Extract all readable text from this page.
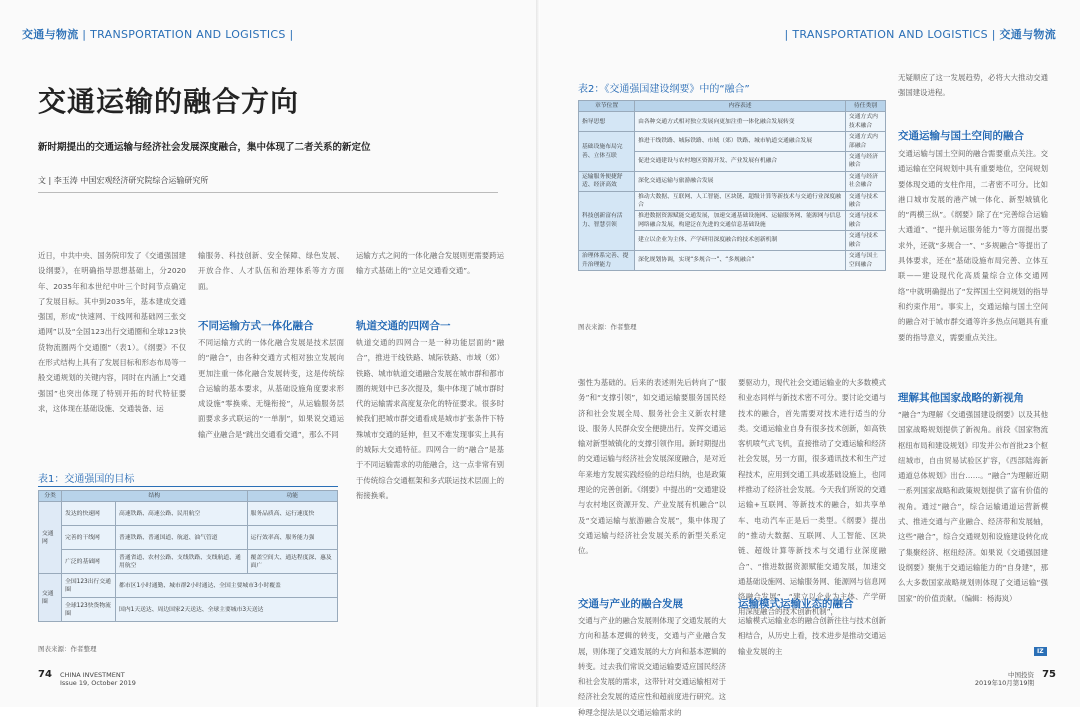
交通与物流 | TRANSPORTATION AND LOGISTICS |
交通运输的融合方向
新时期提出的交通运输与经济社会发展深度融合，集中体现了二者关系的新定位
文 | 李玉涛 中国宏观经济研究院综合运输研究所
近日，中共中央、国务院印发了《交通强国建设纲要》，在明确指导思想基础上，分2020年、2035年和本世纪中叶三个时间节点确定了发展目标。其中到2035年，基本建成交通强国，形成“快速网、干线网和基础网三张交通网”以及“全国123出行交通圈和全球123快货物流圈两个交通圈”（表1）。《纲要》不仅在形式结构上具有了发展目标和形态布局等一般交通规划的关键内容，同时在内涵上“交通强国”也突出体现了特别开拓的时代特征要求，这体现在基础设施、交通装备、运
输服务、科技创新、安全保障、绿色发展、开放合作、人才队伍和治理体系等方方面面。
不同运输方式一体化融合
不同运输方式的一体化融合发展是技术层面的“融合”，由各种交通方式相对独立发展向更加注重一体化融合发展转变，这是传统综合运输的基本要求，从基础设施角度要求形成设施“零换乘、无缝衔接”，从运输服务层面要求多式联运的“一单制”，如果说交通运输产业融合是“跳出交通看交通”，那么不同
运输方式之间的一体化融合发展则更需要跨运输方式基础上的“立足交通看交通”。
轨道交通的四网合一
轨道交通的四网合一是一种功能层面的“融合”，推进干线铁路、城际铁路、市域（郊）铁路、城市轨道交通融合发展在城市群和都市圈的规划中已多次提及，集中体现了城市群时代的运输需求高度复杂化的特征要求。很多时候我们把城市群交通看成是城市扩张条件下特殊城市交通的延伸，但又不难发现事实上具有的城际大交通特征。四网合一的“融合”是基于不同运输需求的功能融合，这一点非常有别于传统综合交通框架和多式联运技术层面上的衔接换乘。
表1：交通强国的目标
分类	结构		功能
交通网	发达的快速网	高速铁路、高速公路、民用航空	服务品质高、运行速度快
	完善的干线网	普速铁路、普通国道、航道、油气管道	运行效率高、服务能力强
	广泛的基础网	普通省道、农村公路、支线铁路、支线航道、通用航空	覆盖空间大、通达程度深、惠及面广
交通圈	全国123出行交通圈	都市区1小时通勤、城市群2小时通达、全国主要城市3小时覆盖	
	全球123快货物流圈	国内1天送达、周边国家2天送达、全球主要城市3天送达	
图表来源：作者整理
74 CHINA INVESTMENT
Issue 19, October 2019
| TRANSPORTATION AND LOGISTICS | 交通与物流
表2：《交通强国建设纲要》中的“融合”
章节位置	内容表述	待任类别
指导思想	由各种交通方式相对独立发展向更加注重一体化融合发展转变	交通方式内技术融合
基础设施布局完善、立体互联	推进干线铁路、城际铁路、市域（郊）铁路、城市轨道交通融合发展	交通方式内部融合
	促进交通建设与农村地区资源开发、产业发展有机融合	交通与经济融合
运输服务便捷舒适、经济高效	深化交通运输与旅游融合发展	交通与经济社会融合
科技创新富有活力、智慧引领	推动大数据、互联网、人工智能、区块链、超级计算等新技术与交通行业深度融合	交通与技术融合
	推进数据资源赋能交通发展，加速交通基础设施网、运输服务网、能源网与信息网络融合发展，构建泛在先进的交通信息基础设施	交通与技术融合
	建立以企业为主体、产学研用深度融合的技术创新机制	交通与技术融合
治理体系完善、提升治理能力	深化规划协调，实现“多规合一”、“多规融合”	交通与国土空间融合
图表来源：作者整理
强性为基础的。后来的表述则先后转向了“服务”和“支撑引领”，如交通运输要服务国民经济和社会发展全局、服务社会主义新农村建设、服务人民群众安全便捷出行。发挥交通运输对新型城镇化的支撑引领作用。新时期提出的交通运输与经济社会发展深度融合，是对近年来地方发展实践经验的总结归纳，也是政策理论的完善创新。《纲要》中提出的“交通建设与农村地区资源开发、产业发展有机融合”以及“交通运输与旅游融合发展”，集中体现了交通运输与经济社会发展关系的新型关系定位。
交通与产业的融合发展
交通与产业的融合发展则体现了交通发展的大方向和基本逻辑的转变，交通与产业融合发展，则体现了交通发展的大方向和基本逻辑的转变。过去我们常说交通运输要适应国民经济和社会发展的需求，这带针对交通运输相对于经济社会发展的适应性和超前度进行研究。这种理念提法是以交通运输需求的
要驱动力，现代社会交通运输业的大多数模式和业态同样与新技术密不可分。要讨论交通与技术的融合，首先需要对技术进行适当的分类。交通运输业自身有很多技术创新，如高铁客机喷气式飞机，直接推动了交通运输和经济社会发展，另一方面，很多通讯技术和生产过程技术，应用到交通工具或基础设施上，也同样推动了经济社会发展。今天我们所说的交通运输+互联网、等新技术的融合，如共享单车、电动汽车正是后一类型。《纲要》提出的“推动大数据、互联网、人工智能、区块链、超级计算等新技术与交通行业深度融合”、“推进数据资源赋能交通发展，加速交通基础设施网、运输服务网、能源网与信息网络融合发展”，“建立以企业为主体、产学研用深度融合的技术创新机制”，
运输模式运输业态的融合
运输模式运输业态的融合创新往往与技术创新相结合，从历史上看，技术进步是推动交通运输业发展的主
无疑顺应了这一发展趋势，必将大大推动交通强国建设进程。
交通运输与国土空间的融合
交通运输与国土空间的融合需要重点关注。交通运输在空间规划中具有重要地位，空间规划要体现交通的支柱作用，二者密不可分。比如港口城市发展的港产城一体化、新型城镇化的“两横三纵”。《纲要》除了在“完善综合运输大通道”、“提升航运服务能力”等方面提出要求外，还就“多规合一”、“多规融合”等提出了具体要求，还在“基础设施布局完善、立体互联——建设现代化高质量综合立体交通网络”中就明确提出了“发挥国土空间规划的指导和约束作用”。事实上，交通运输与国土空间的融合对于城市群交通等许多热点问题具有重要的指导意义，需要重点关注。
理解其他国家战略的新视角
“融合”为理解《交通强国建设纲要》以及其他国家战略规划提供了新视角。前段《国家物流枢纽布局和建设规划》印发并公布首批23个枢纽城市，自由贸易试验区扩容，《西部陆海新通道总体规划》出台……。“融合”为理解近期一系列国家战略和政策规划提供了富有价值的视角。通过“融合”，综合运输通道运营新模式、推进交通与产业融合、经济带和发展轴，这些“融合”，综合交通规划和设施建设转化成了集聚经济、枢纽经济。如果说《交通强国建设纲要》聚焦于交通运输能力的“自身建”，那么大多数国家战略规划则体现了交通运输“强国家”的价值贡献。（编辑：杨海岚）
IZ
中国投资
2019年10月第19期 75
